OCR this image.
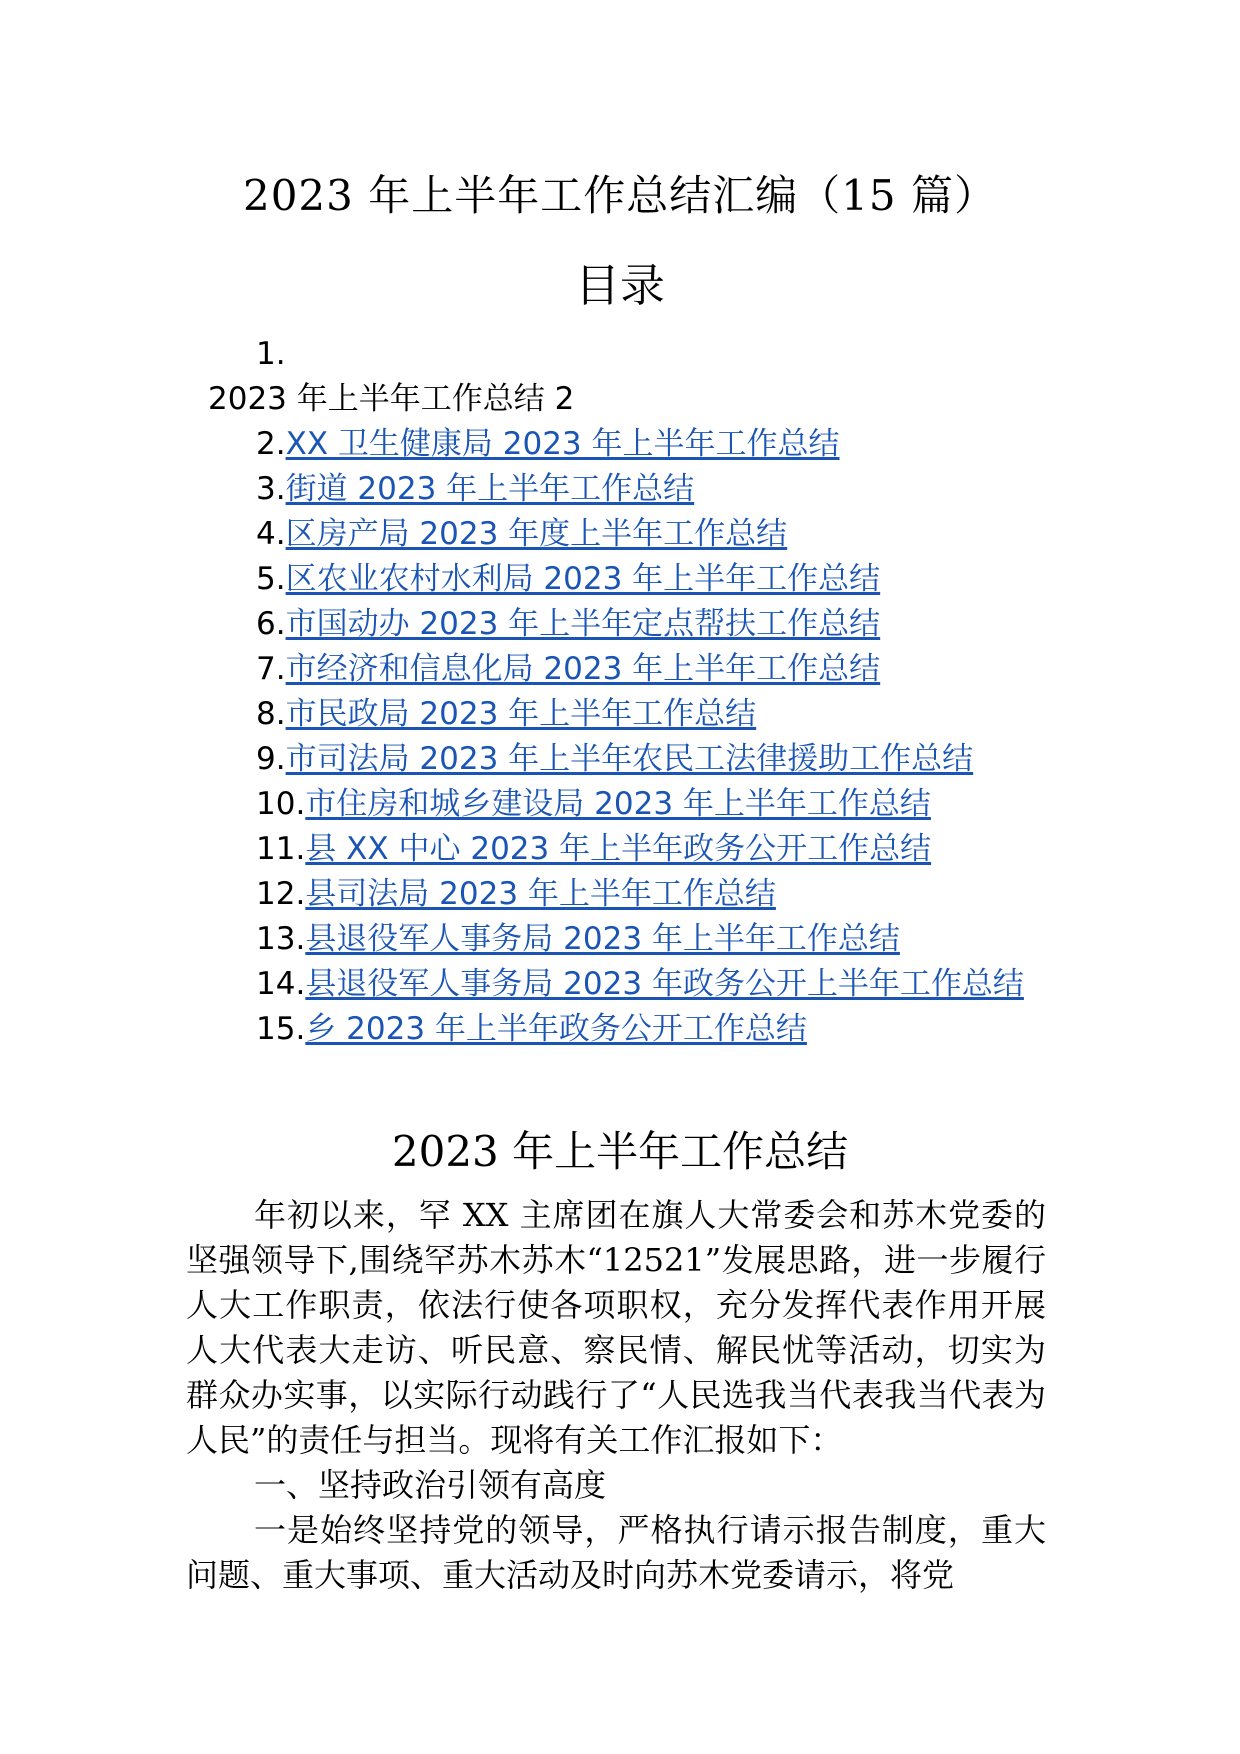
2023 年上半年工作总结汇编（15 篇）
目录
1.
2023 年上半年工作总结 2
2.XX 卫生健康局 2023 年上半年工作总结
3.街道 2023 年上半年工作总结
4.区房产局 2023 年度上半年工作总结
5.区农业农村水利局 2023 年上半年工作总结
6.市国动办 2023 年上半年定点帮扶工作总结
7.市经济和信息化局 2023 年上半年工作总结
8.市民政局 2023 年上半年工作总结
9.市司法局 2023 年上半年农民工法律援助工作总结
10.市住房和城乡建设局 2023 年上半年工作总结
11.县 XX 中心 2023 年上半年政务公开工作总结
12.县司法局 2023 年上半年工作总结
13.县退役军人事务局 2023 年上半年工作总结
14.县退役军人事务局 2023 年政务公开上半年工作总结
15.乡 2023 年上半年政务公开工作总结
2023 年上半年工作总结

年初以来，罕 XX 主席团在旗人大常委会和苏木党委的坚强领导下,围绕罕苏木苏木“12521”发展思路，进一步履行人大工作职责，依法行使各项职权，充分发挥代表作用开展人大代表大走访、听民意、察民情、解民忧等活动，切实为群众办实事，以实际行动践行了“人民选我当代表我当代表为人民”的责任与担当。现将有关工作汇报如下：

一、坚持政治引领有高度

一是始终坚持党的领导，严格执行请示报告制度，重大问题、重大事项、重大活动及时向苏木党委请示，将党
